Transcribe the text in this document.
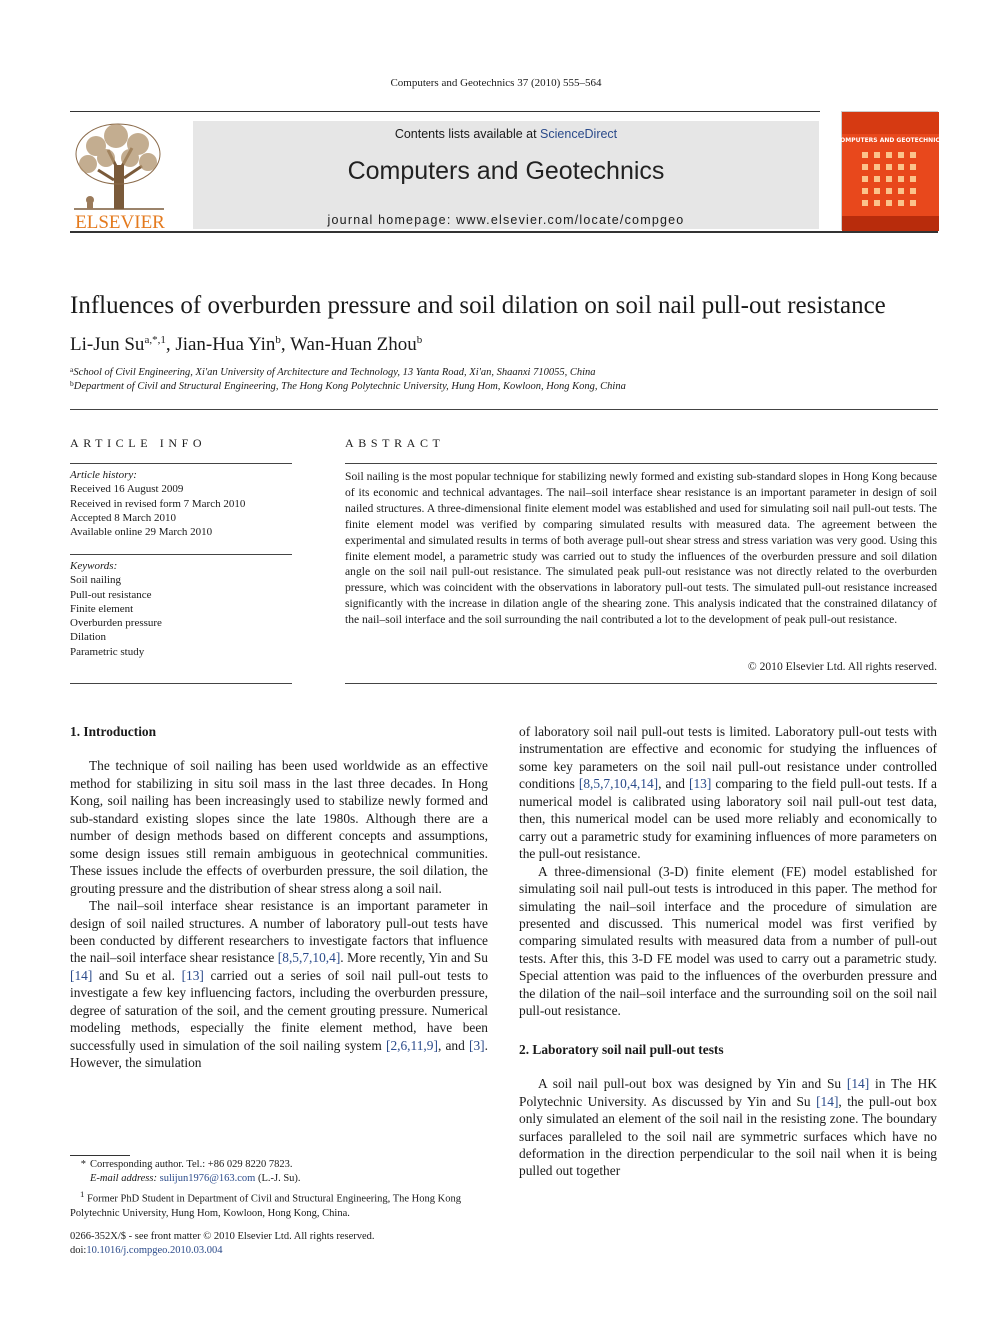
Computers and Geotechnics 37 (2010) 555–564
ELSEVIER
Contents lists available at ScienceDirect
Computers and Geotechnics
journal homepage: www.elsevier.com/locate/compgeo
COMPUTERS AND GEOTECHNICS
Influences of overburden pressure and soil dilation on soil nail pull-out resistance
Li-Jun $Su^{a,*,1}$, Jian-Hua Yin$^b$, Wan-Huan Zhou$^b$
$^a$School of Civil Engineering, Xi'an University of Architecture and Technology, 13 Yanta Road, Xi'an, Shaanxi 710055, China
$^b$Department of Civil and Structural Engineering, The Hong Kong Polytechnic University, Hung Hom, Kowloon, Hong Kong, China
ARTICLE INFO
Article history:
Received 16 August 2009
Received in revised form 7 March 2010
Accepted 8 March 2010
Available online 29 March 2010
Keywords:
Soil nailing
Pull-out resistance
Finite element
Overburden pressure
Dilation
Parametric study
ABSTRACT
Soil nailing is the most popular technique for stabilizing newly formed and existing sub-standard slopes in Hong Kong because of its economic and technical advantages. The nail–soil interface shear resistance is an important parameter in design of soil nailed structures. A three-dimensional finite element model was established and used for simulating soil nail pull-out tests. The finite element model was verified by comparing simulated results with measured data. The agreement between the experimental and simulated results in terms of both average pull-out shear stress and stress variation was very good. Using this finite element model, a parametric study was carried out to study the influences of the overburden pressure and soil dilation angle on the soil nail pull-out resistance. The simulated peak pull-out resistance was not directly related to the overburden pressure, which was coincident with the observations in laboratory pull-out tests. The simulated pull-out resistance increased significantly with the increase in dilation angle of the shearing zone. This analysis indicated that the constrained dilatancy of the nail–soil interface and the soil surrounding the nail contributed a lot to the development of peak pull-out resistance.
© 2010 Elsevier Ltd. All rights reserved.
1. Introduction

The technique of soil nailing has been used worldwide as an effective method for stabilizing in situ soil mass in the last three decades. In Hong Kong, soil nailing has been increasingly used to stabilize newly formed and sub-standard existing slopes since the late 1980s. Although there are a number of design methods based on different concepts and assumptions, some design issues still remain ambiguous in geotechnical communities. These issues include the effects of overburden pressure, the soil dilation, the grouting pressure and the distribution of shear stress along a soil nail.

The nail–soil interface shear resistance is an important parameter in design of soil nailed structures. A number of laboratory pull-out tests have been conducted by different researchers to investigate factors that influence the nail–soil interface shear resistance [8,5,7,10,4]. More recently, Yin and Su [14] and Su et al. [13] carried out a series of soil nail pull-out tests to investigate a few key influencing factors, including the overburden pressure, degree of saturation of the soil, and the cement grouting pressure. Numerical modeling methods, especially the finite element method, have been successfully used in simulation of the soil nailing system [2,6,11,9], and [3]. However, the simulation

of laboratory soil nail pull-out tests is limited. Laboratory pull-out tests with instrumentation are effective and economic for studying the influences of some key parameters on the soil nail pull-out resistance under controlled conditions [8,5,7,10,4,14], and [13] comparing to the field pull-out tests. If a numerical model is calibrated using laboratory soil nail pull-out test data, then, this numerical model can be used more reliably and economically to carry out a parametric study for examining influences of more parameters on the pull-out resistance.

A three-dimensional (3-D) finite element (FE) model established for simulating soil nail pull-out tests is introduced in this paper. The method for simulating the nail–soil interface and the procedure of simulation are presented and discussed. This numerical model was first verified by comparing simulated results with measured data from a number of pull-out tests. After this, this 3-D FE model was used to carry out a parametric study. Special attention was paid to the influences of the overburden pressure and the dilation of the nail–soil interface and the surrounding soil on the soil nail pull-out resistance.

2. Laboratory soil nail pull-out tests

A soil nail pull-out box was designed by Yin and Su [14] in The HK Polytechnic University. As discussed by Yin and Su [14], the pull-out box only simulated an element of the soil nail in the resisting zone. The boundary surfaces paralleled to the soil nail are symmetric surfaces which have no deformation in the direction perpendicular to the soil nail when it is being pulled out together

* Corresponding author. Tel.: +86 029 8220 7823.
E-mail address: sulijun1976@163.com (L.-J. Su).
$^1$ Former PhD Student in Department of Civil and Structural Engineering, The Hong Kong Polytechnic University, Hung Hom, Kowloon, Hong Kong, China.
0266-352X/$ - see front matter © 2010 Elsevier Ltd. All rights reserved.
doi:10.1016/j.compgeo.2010.03.004
